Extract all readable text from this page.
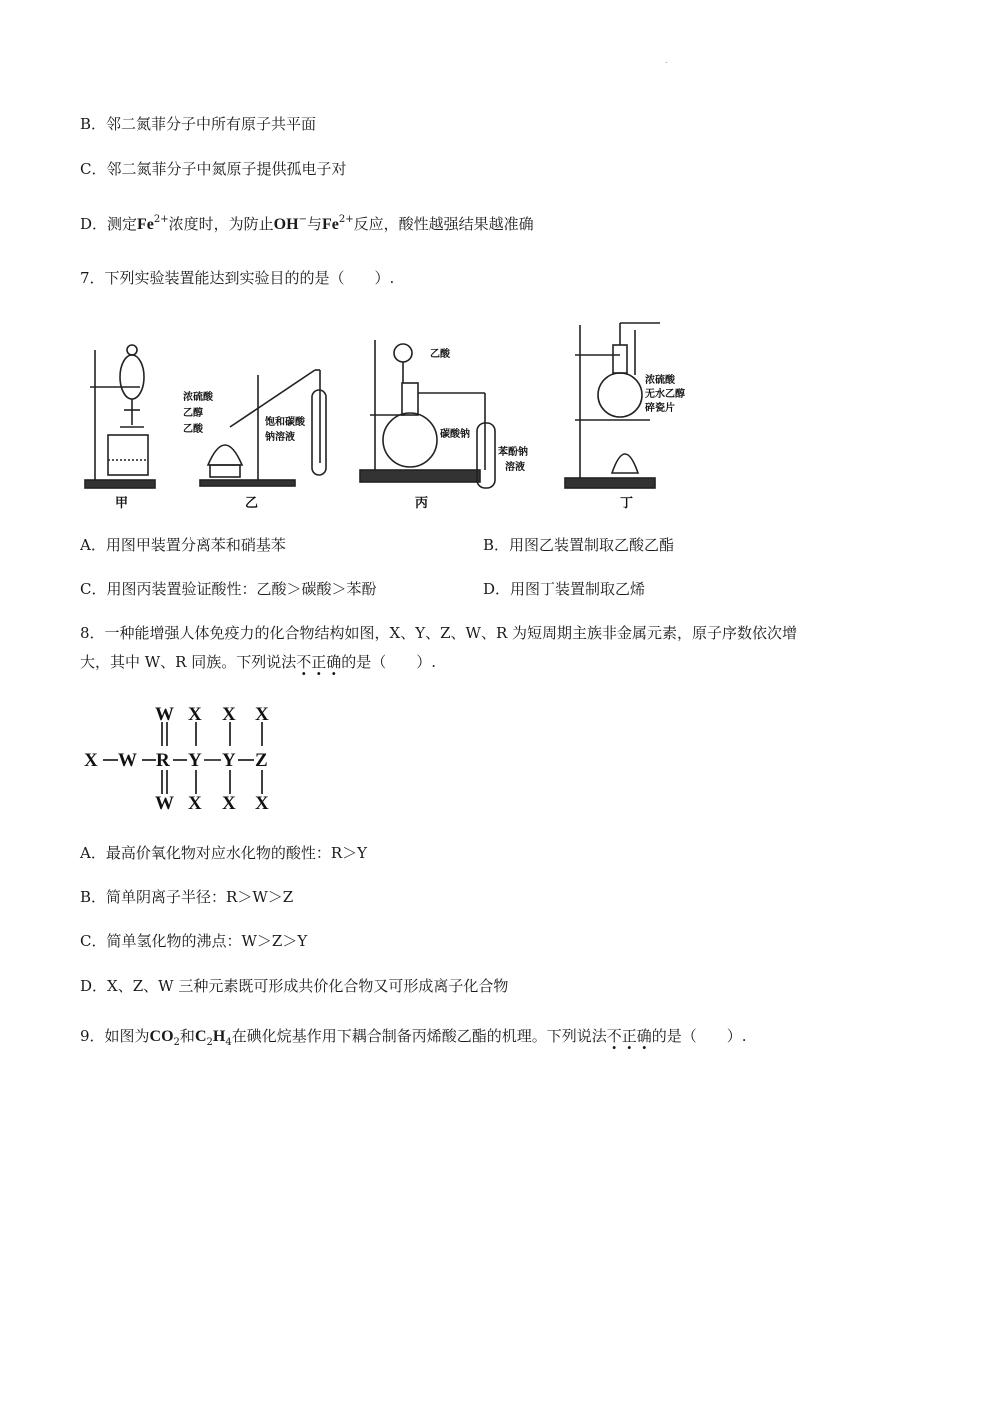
.
B．邻二氮菲分子中所有原子共平面
C．邻二氮菲分子中氮原子提供孤电子对
D．测定$Fe^{2+}$浓度时，为防止OH−与$Fe^{2+}$反应，酸性越强结果越准确
7．下列实验装置能达到实验目的的是（　　）.
甲	乙	丙	丁
浓硫酸
乙醇
乙酸
饱和碳酸
钠溶液
乙酸
碳酸钠
苯酚钠
溶液
浓硫酸
无水乙醇
碎瓷片
A．用图甲装置分离苯和硝基苯	B．用图乙装置制取乙酸乙酯
C．用图丙装置验证酸性：乙酸＞碳酸＞苯酚	D．用图丁装置制取乙烯
8．一种能增强人体免疫力的化合物结构如图，X、Y、Z、W、R 为短周期主族非金属元素，原子序数依次增
大，其中 W、R 同族。下列说法不正确的是（　　）.
X W R Y Y Z
W X X X
W X X X
A．最高价氧化物对应水化物的酸性：R＞Y
B．简单阴离子半径：R＞W＞Z
C．简单氢化物的沸点：W＞Z＞Y
D．X、Z、W 三种元素既可形成共价化合物又可形成离子化合物
9．如图为$CO_2$和$C_2H_4$在碘化烷基作用下耦合制备丙烯酸乙酯的机理。下列说法不正确的是（　　）.
